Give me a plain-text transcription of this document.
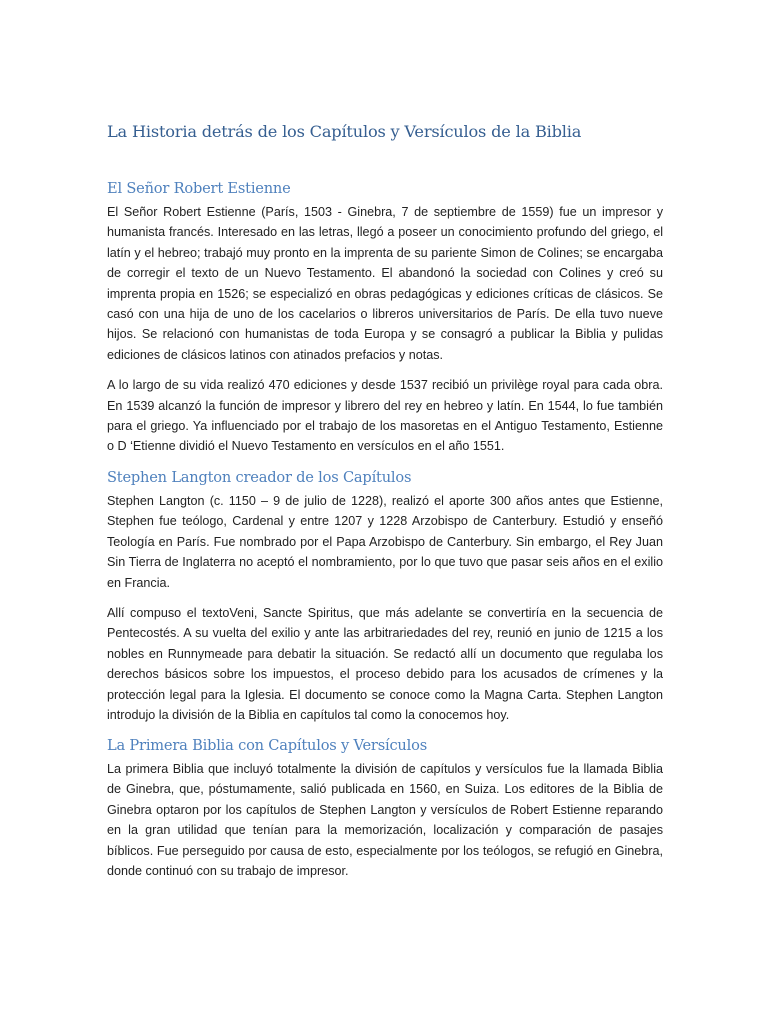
La Historia detrás de los Capítulos y Versículos de la Biblia
El Señor Robert Estienne

El Señor Robert Estienne (París, 1503 - Ginebra, 7 de septiembre de 1559) fue un impresor y humanista francés. Interesado en las letras, llegó a poseer un conocimiento profundo del griego, el latín y el hebreo; trabajó muy pronto en la imprenta de su pariente Simon de Colines; se encargaba de corregir el texto de un Nuevo Testamento. El abandonó la sociedad con Colines y creó su imprenta propia en 1526; se especializó en obras pedagógicas y ediciones críticas de clásicos. Se casó con una hija de uno de los cacelarios o libreros universitarios de París. De ella tuvo nueve hijos. Se relacionó con humanistas de toda Europa y se consagró a publicar la Biblia y pulidas ediciones de clásicos latinos con atinados prefacios y notas.

A lo largo de su vida realizó 470 ediciones y desde 1537 recibió un privilège royal para cada obra. En 1539 alcanzó la función de impresor y librero del rey en hebreo y latín. En 1544, lo fue también para el griego. Ya influenciado por el trabajo de los masoretas en el Antiguo Testamento, Estienne o D ‘Etienne dividió el Nuevo Testamento en versículos en el año 1551.

Stephen Langton creador de los Capítulos

Stephen Langton (c. 1150 – 9 de julio de 1228), realizó el aporte 300 años antes que Estienne, Stephen fue teólogo, Cardenal y entre 1207 y 1228 Arzobispo de Canterbury. Estudió y enseñó Teología en París. Fue nombrado por el Papa Arzobispo de Canterbury. Sin embargo, el Rey Juan Sin Tierra de Inglaterra no aceptó el nombramiento, por lo que tuvo que pasar seis años en el exilio en Francia.

Allí compuso el textoVeni, Sancte Spiritus, que más adelante se convertiría en la secuencia de Pentecostés. A su vuelta del exilio y ante las arbitrariedades del rey, reunió en junio de 1215 a los nobles en Runnymeade para debatir la situación. Se redactó allí un documento que regulaba los derechos básicos sobre los impuestos, el proceso debido para los acusados de crímenes y la protección legal para la Iglesia. El documento se conoce como la Magna Carta. Stephen Langton introdujo la división de la Biblia en capítulos tal como la conocemos hoy.

La Primera Biblia con Capítulos y Versículos

La primera Biblia que incluyó totalmente la división de capítulos y versículos fue la llamada Biblia de Ginebra, que, póstumamente, salió publicada en 1560, en Suiza. Los editores de la Biblia de Ginebra optaron por los capítulos de Stephen Langton y versículos de Robert Estienne reparando en la gran utilidad que tenían para la memorización, localización y comparación de pasajes bíblicos. Fue perseguido por causa de esto, especialmente por los teólogos, se refugió en Ginebra, donde continuó con su trabajo de impresor.
